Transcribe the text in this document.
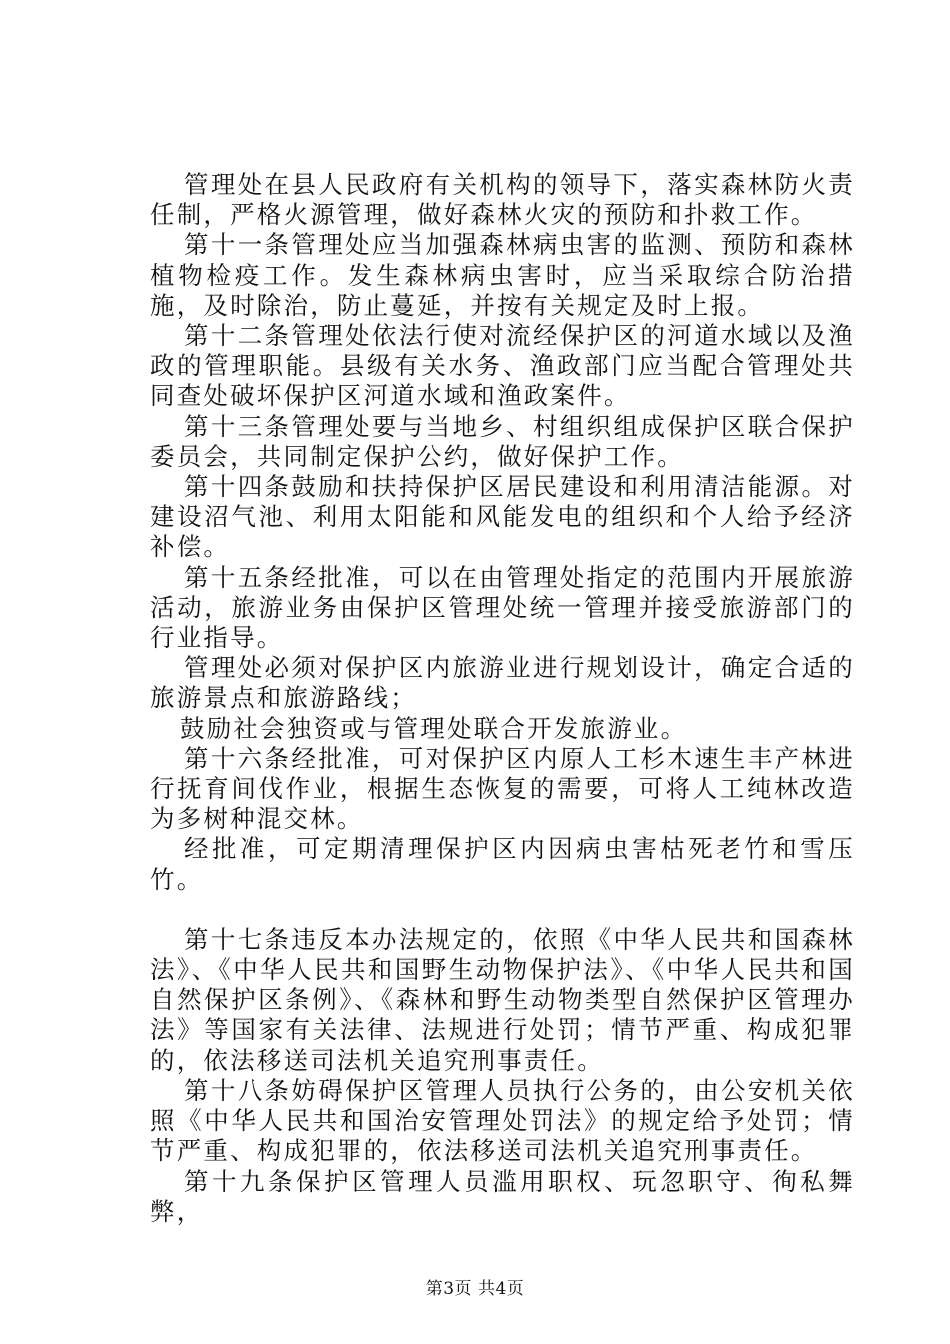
管理处在县人民政府有关机构的领导下，落实森林防火责任制，严格火源管理，做好森林火灾的预防和扑救工作。

第十一条管理处应当加强森林病虫害的监测、预防和森林植物检疫工作。发生森林病虫害时，应当采取综合防治措施，及时除治，防止蔓延，并按有关规定及时上报。

第十二条管理处依法行使对流经保护区的河道水域以及渔政的管理职能。县级有关水务、渔政部门应当配合管理处共同查处破坏保护区河道水域和渔政案件。

第十三条管理处要与当地乡、村组织组成保护区联合保护委员会，共同制定保护公约，做好保护工作。

第十四条鼓励和扶持保护区居民建设和利用清洁能源。对建设沼气池、利用太阳能和风能发电的组织和个人给予经济补偿。

第十五条经批准，可以在由管理处指定的范围内开展旅游活动，旅游业务由保护区管理处统一管理并接受旅游部门的行业指导。

管理处必须对保护区内旅游业进行规划设计，确定合适的旅游景点和旅游路线；

鼓励社会独资或与管理处联合开发旅游业。

第十六条经批准，可对保护区内原人工杉木速生丰产林进行抚育间伐作业，根据生态恢复的需要，可将人工纯林改造为多树种混交林。

经批准，可定期清理保护区内因病虫害枯死老竹和雪压竹。

第十七条违反本办法规定的，依照《中华人民共和国森林法》、《中华人民共和国野生动物保护法》、《中华人民共和国自然保护区条例》、《森林和野生动物类型自然保护区管理办法》等国家有关法律、法规进行处罚；情节严重、构成犯罪的，依法移送司法机关追究刑事责任。

第十八条妨碍保护区管理人员执行公务的，由公安机关依照《中华人民共和国治安管理处罚法》的规定给予处罚；情节严重、构成犯罪的，依法移送司法机关追究刑事责任。

第十九条保护区管理人员滥用职权、玩忽职守、徇私舞弊，

第3页 共4页
